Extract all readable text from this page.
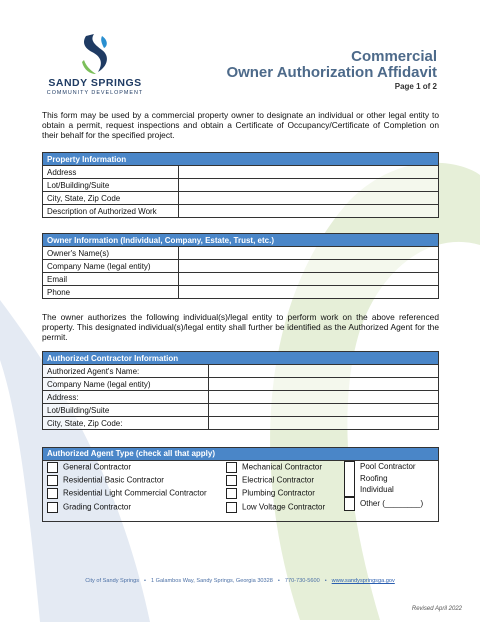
SANDY SPRINGS
COMMUNITY DEVELOPMENT
Commercial
Owner Authorization Affidavit
Page 1 of 2
This form may be used by a commercial property owner to designate an individual or other legal entity to obtain a permit, request inspections and obtain a Certificate of Occupancy/Certificate of Completion on their behalf for the specified project.
Property Information	
Address	
Lot/Building/Suite	
City, State, Zip Code	
Description of Authorized Work	
Owner Information (Individual, Company, Estate, Trust, etc.)	
Owner's Name(s)	
Company Name (legal entity)	
Email	
Phone	
The owner authorizes the following individual(s)/legal entity to perform work on the above referenced property. This designated individual(s)/legal entity shall further be identified as the Authorized Agent for the permit.
Authorized Contractor Information	
Authorized Agent's Name:	
Company Name (legal entity)	
Address:	
Lot/Building/Suite	
City, State, Zip Code:	
Authorized Agent Type (check all that apply)
General Contractor
Residential Basic Contractor
Residential Light Commercial Contractor
Grading Contractor
Mechanical Contractor
Electrical Contractor
Plumbing Contractor
Low Voltage Contractor
Pool Contractor
Roofing
Individual
Other (________)
City of Sandy Springs • 1 Galambos Way, Sandy Springs, Georgia 30328 • 770-730-5600 • www.sandyspringsga.gov
Revised April 2022
